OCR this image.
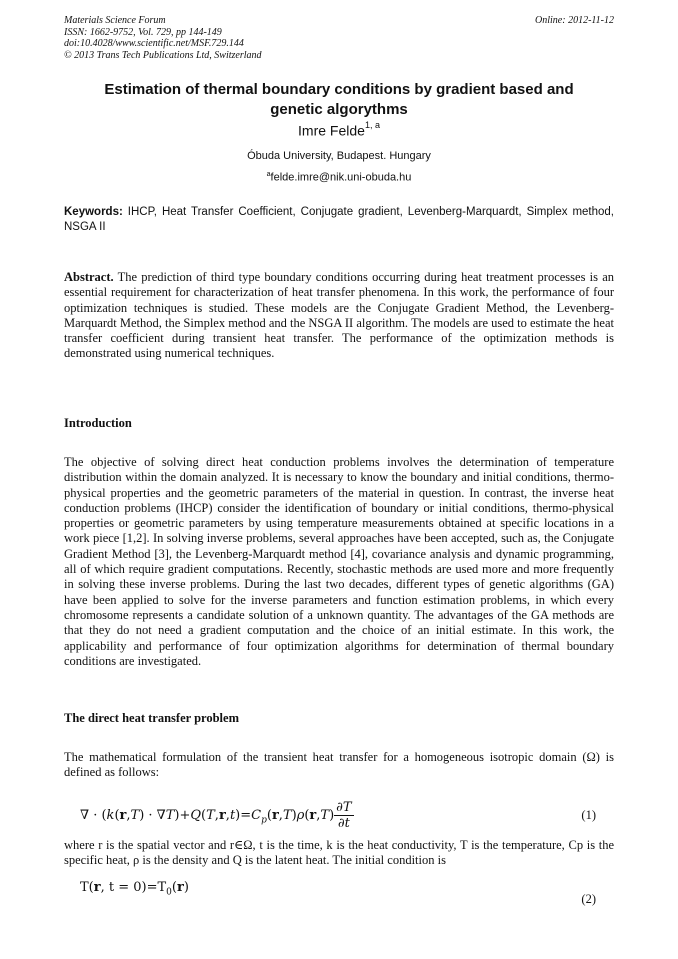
Materials Science Forum
ISSN: 1662-9752, Vol. 729, pp 144-149
doi:10.4028/www.scientific.net/MSF.729.144
© 2013 Trans Tech Publications Ltd, Switzerland
Online: 2012-11-12
Estimation of thermal boundary conditions by gradient based and genetic algorythms
Imre Felde$^{1, a}$
Óbuda University, Budapest. Hungary
$^a$felde.imre@nik.uni-obuda.hu
Keywords: IHCP, Heat Transfer Coefficient, Conjugate gradient, Levenberg-Marquardt, Simplex method, NSGA II
Abstract. The prediction of third type boundary conditions occurring during heat treatment processes is an essential requirement for characterization of heat transfer phenomena. In this work, the performance of four optimization techniques is studied. These models are the Conjugate Gradient Method, the Levenberg-Marquardt Method, the Simplex method and the NSGA II algorithm. The models are used to estimate the heat transfer coefficient during transient heat transfer. The performance of the optimization methods is demonstrated using numerical techniques.
Introduction
The objective of solving direct heat conduction problems involves the determination of temperature distribution within the domain analyzed. It is necessary to know the boundary and initial conditions, thermo-physical properties and the geometric parameters of the material in question. In contrast, the inverse heat conduction problems (IHCP) consider the identification of boundary or initial conditions, thermo-physical properties or geometric parameters by using temperature measurements obtained at specific locations in a work piece [1,2]. In solving inverse problems, several approaches have been accepted, such as, the Conjugate Gradient Method [3], the Levenberg-Marquardt method [4], covariance analysis and dynamic programming, all of which require gradient computations. Recently, stochastic methods are used more and more frequently in solving these inverse problems. During the last two decades, different types of genetic algorithms (GA) have been applied to solve for the inverse parameters and function estimation problems, in which every chromosome represents a candidate solution of a unknown quantity. The advantages of the GA methods are that they do not need a gradient computation and the choice of an initial estimate. In this work, the applicability and performance of four optimization algorithms for determination of thermal boundary conditions are investigated.
The direct heat transfer problem
The mathematical formulation of the transient heat transfer for a homogeneous isotropic domain (Ω) is defined as follows:
∇ · $(k(r,T) \cdot \nabla T)+Q(T,r,t)=C_p(r,T)\rho(r,T) \frac{\partial T}{\partial t}$	(1)
where r is the spatial vector and r∈Ω, t is the time, k is the heat conductivity, T is the temperature, Cp is the specific heat, ρ is the density and Q is the latent heat. The initial condition is
T(r, $t = 0)=T_0(r)$
(2)
